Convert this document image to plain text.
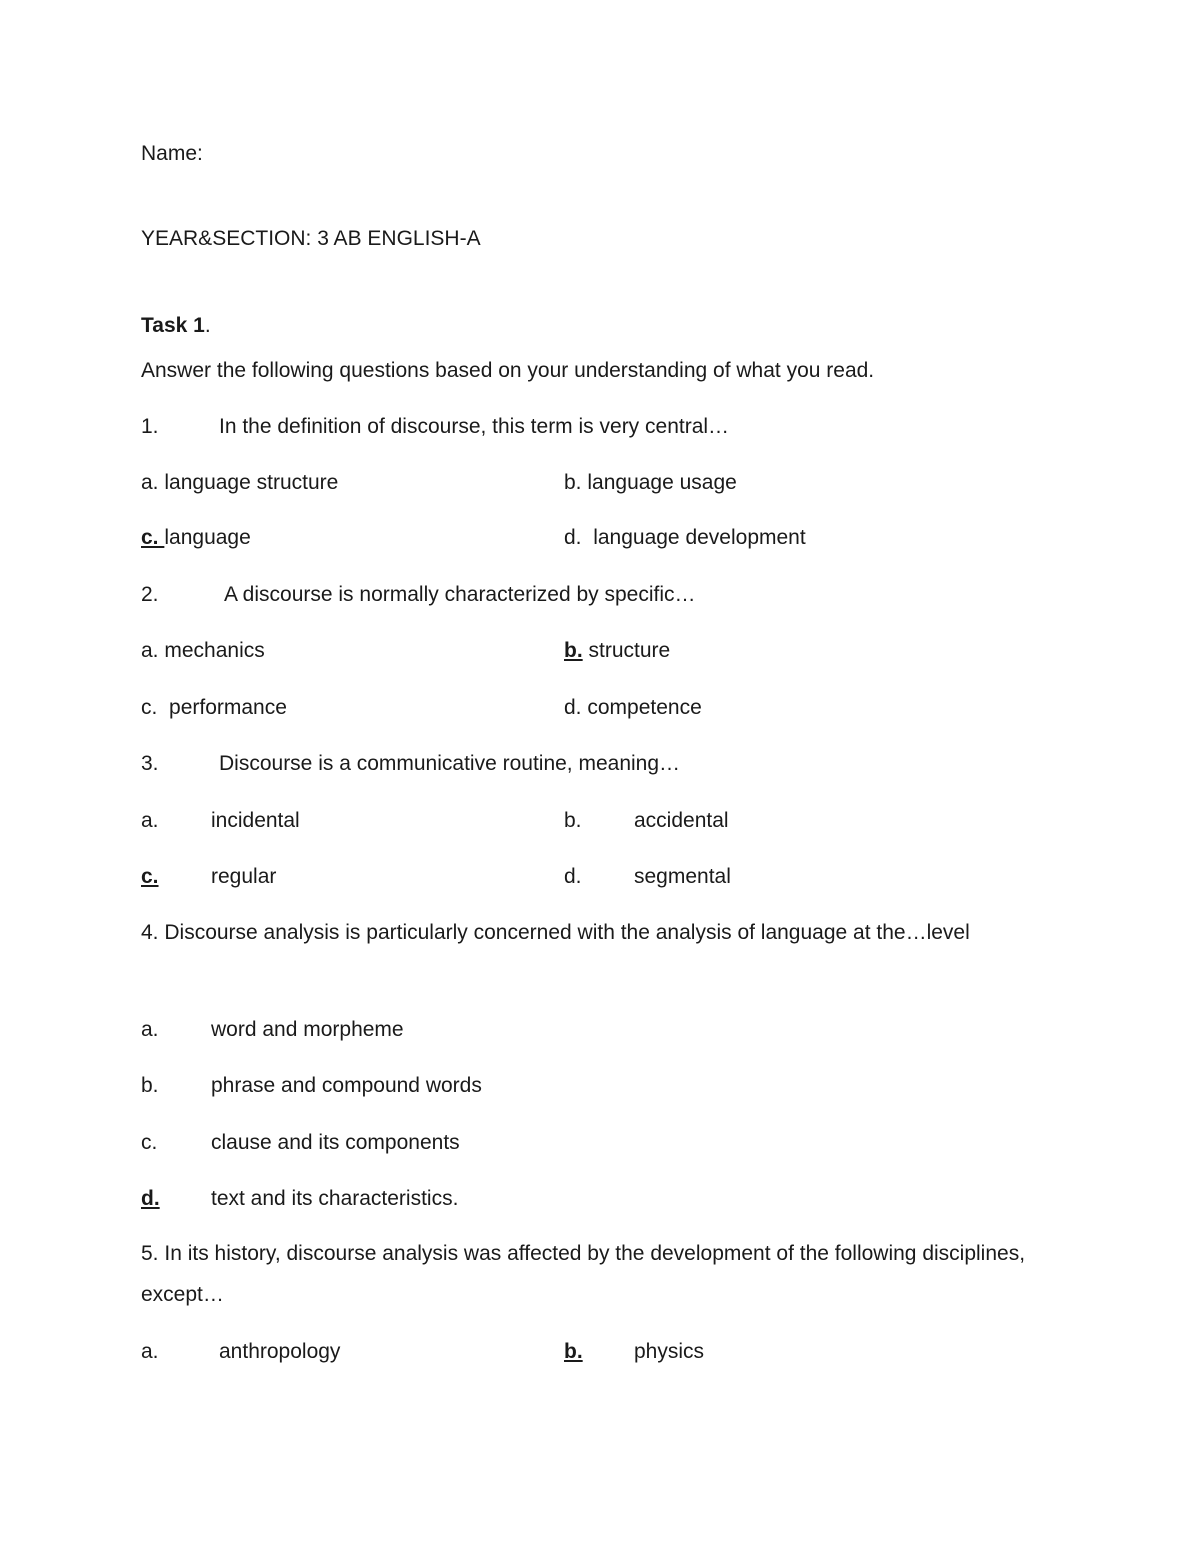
Name:
YEAR&SECTION: 3 AB ENGLISH-A
Task 1.
Answer the following questions based on your understanding of what you read.
1.	In the definition of discourse, this term is very central…
a. language structure	b. language usage
c. language	d. language development
2.	A discourse is normally characterized by specific…
a. mechanics	b. structure
c. performance	d. competence
3.	Discourse is a communicative routine, meaning…
a. incidental	b. accidental
c. regular	d. segmental
4. Discourse analysis is particularly concerned with the analysis of language at the…level
a. word and morpheme
b. phrase and compound words
c.	clause and its components
d. text and its characteristics.
5. In its history, discourse analysis was affected by the development of the following disciplines, except…
a.	anthropology	b. physics
